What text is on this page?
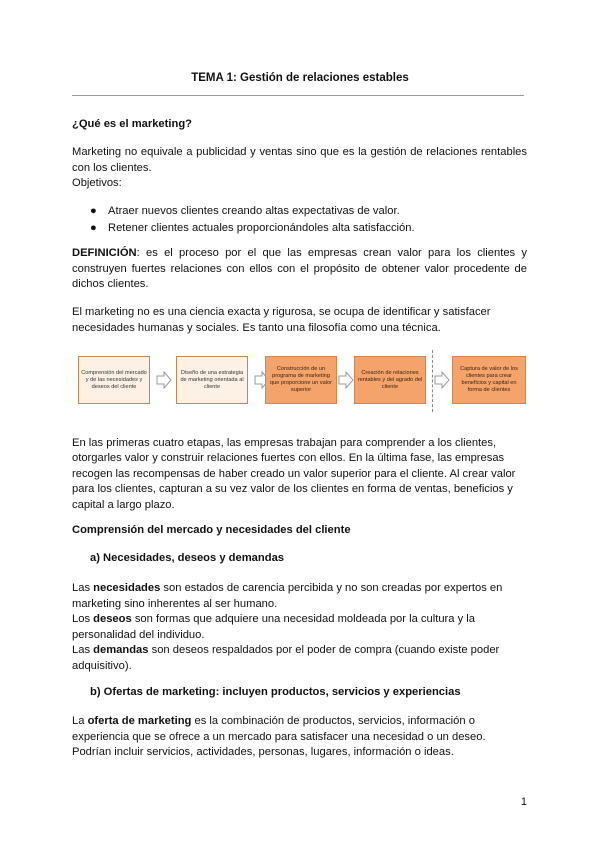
TEMA 1: Gestión de relaciones estables
¿Qué es el marketing?
Marketing no equivale a publicidad y ventas sino que es la gestión de relaciones rentables con los clientes.
Objetivos:
● Atraer nuevos clientes creando altas expectativas de valor.
● Retener clientes actuales proporcionándoles alta satisfacción.
DEFINICIÓN: es el proceso por el que las empresas crean valor para los clientes y construyen fuertes relaciones con ellos con el propósito de obtener valor procedente de dichos clientes.
El marketing no es una ciencia exacta y rigurosa, se ocupa de identificar y satisfacer necesidades humanas y sociales. Es tanto una filosofía como una técnica.
Comprensión del mercado y de las necesidades y deseos del cliente
Diseño de una estrategia de marketing orientada al cliente
Construcción de un programa de marketing que proporcione un valor superior
Creación de relaciones rentables y del agrado del cliente
Captura de valor de los clientes para crear beneficios y capital en forma de clientes
En las primeras cuatro etapas, las empresas trabajan para comprender a los clientes, otorgarles valor y construir relaciones fuertes con ellos. En la última fase, las empresas recogen las recompensas de haber creado un valor superior para el cliente. Al crear valor para los clientes, capturan a su vez valor de los clientes en forma de ventas, beneficios y capital a largo plazo.
Comprensión del mercado y necesidades del cliente
a) Necesidades, deseos y demandas
Las necesidades son estados de carencia percibida y no son creadas por expertos en marketing sino inherentes al ser humano.
Los deseos son formas que adquiere una necesidad moldeada por la cultura y la personalidad del individuo.
Las demandas son deseos respaldados por el poder de compra (cuando existe poder adquisitivo).
b) Ofertas de marketing: incluyen productos, servicios y experiencias
La oferta de marketing es la combinación de productos, servicios, información o experiencia que se ofrece a un mercado para satisfacer una necesidad o un deseo. Podrían incluir servicios, actividades, personas, lugares, información o ideas.
1
